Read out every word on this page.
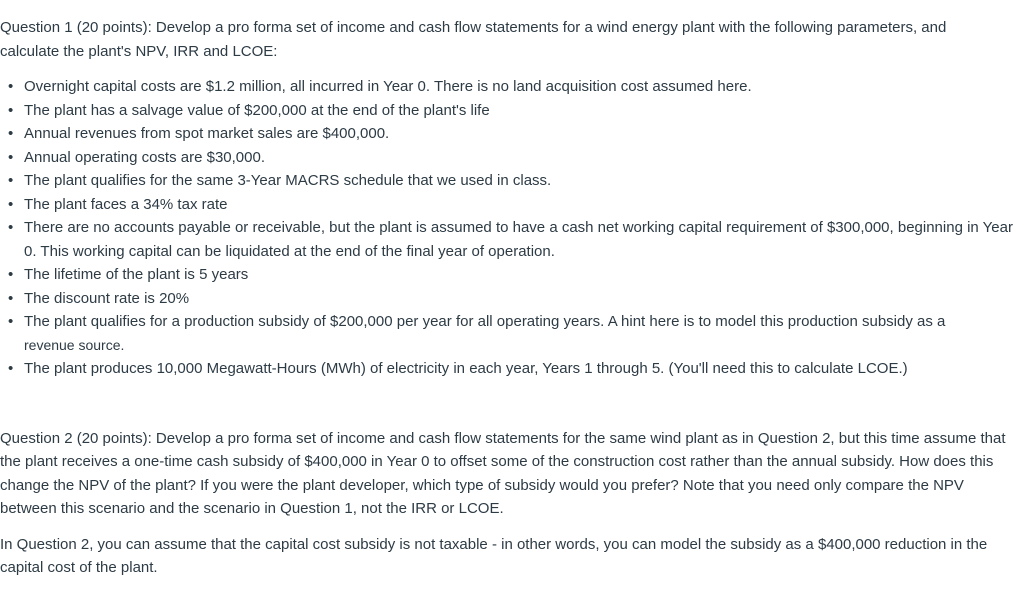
Question 1 (20 points): Develop a pro forma set of income and cash flow statements for a wind energy plant with the following parameters, and calculate the plant's NPV, IRR and LCOE:

• Overnight capital costs are $1.2 million, all incurred in Year 0. There is no land acquisition cost assumed here.
• The plant has a salvage value of $200,000 at the end of the plant's life
• Annual revenues from spot market sales are $400,000.
• Annual operating costs are $30,000.
• The plant qualifies for the same 3-Year MACRS schedule that we used in class.
• The plant faces a 34% tax rate
• There are no accounts payable or receivable, but the plant is assumed to have a cash net working capital requirement of $300,000, beginning in Year 0. This working capital can be liquidated at the end of the final year of operation.
• The lifetime of the plant is 5 years
• The discount rate is 20%
• The plant qualifies for a production subsidy of $200,000 per year for all operating years. A hint here is to model this production subsidy as a
revenue source.
• The plant produces 10,000 Megawatt-Hours (MWh) of electricity in each year, Years 1 through 5. (You'll need this to calculate LCOE.)

Question 2 (20 points): Develop a pro forma set of income and cash flow statements for the same wind plant as in Question 2, but this time assume that the plant receives a one-time cash subsidy of $400,000 in Year 0 to offset some of the construction cost rather than the annual subsidy. How does this change the NPV of the plant? If you were the plant developer, which type of subsidy would you prefer? Note that you need only compare the NPV between this scenario and the scenario in Question 1, not the IRR or LCOE.

In Question 2, you can assume that the capital cost subsidy is not taxable - in other words, you can model the subsidy as a $400,000 reduction in the capital cost of the plant.
